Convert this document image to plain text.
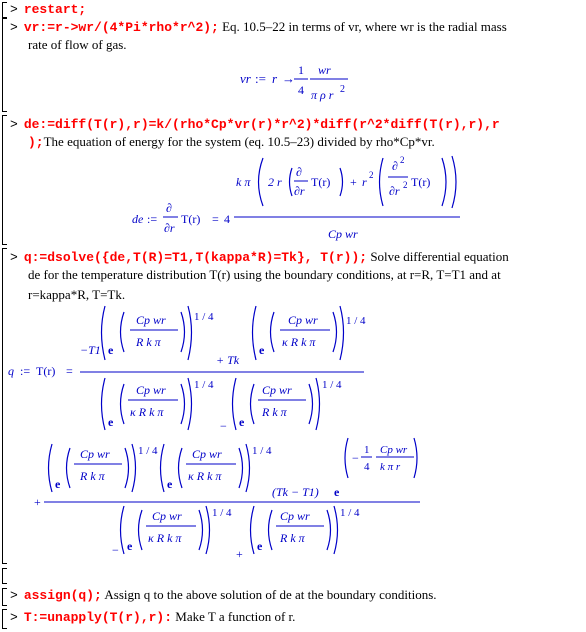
> restart;
> vr:=r->wr/(4*Pi*rho*r^2); Eq. 10.5–22 in terms of vr, where wr is the radial mass
rate of flow of gas.
vr := r →
1
4
wr
π ρ r 2
> de:=diff(T(r),r)=k/(rho*Cp*vr(r)*r^2)*diff(r^2*diff(T(r),r),r
);The equation of energy for the system (eq. 10.5–23) divided by rho*Cp*vr.
de :=
∂
∂r
T(r) = 4
k π 2 r
∂
∂r
T(r) + r 2
∂ 2
∂r 2 T(r)
Cp wr
> q:=dsolve({de,T(R)=T1,T(kappa*R)=Tk}, T(r)); Solve differential equation
de for the temperature distribution T(r) using the boundary conditions, at r=R, T=T1 and at
r=kappa*R, T=Tk.
q := T(r) =
−T1 e
Cp wr
R k π
1 / 4
+ Tk
e
Cp wr
κ R k π
1 / 4
e
Cp wr
κ R k π
1 / 4
− e
Cp wr
R k π
1 / 4
+
e
Cp wr
R k π
1 / 4
e
Cp wr
κ R k π
1 / 4
(Tk − T1) e
−
1
4
Cp wr
k π r
− e
Cp wr
κ R k π
1 / 4
+
e
Cp wr
R k π
1 / 4
> assign(q); Assign q to the above solution of de at the boundary conditions.
> T:=unapply(T(r),r): Make T a function of r.
